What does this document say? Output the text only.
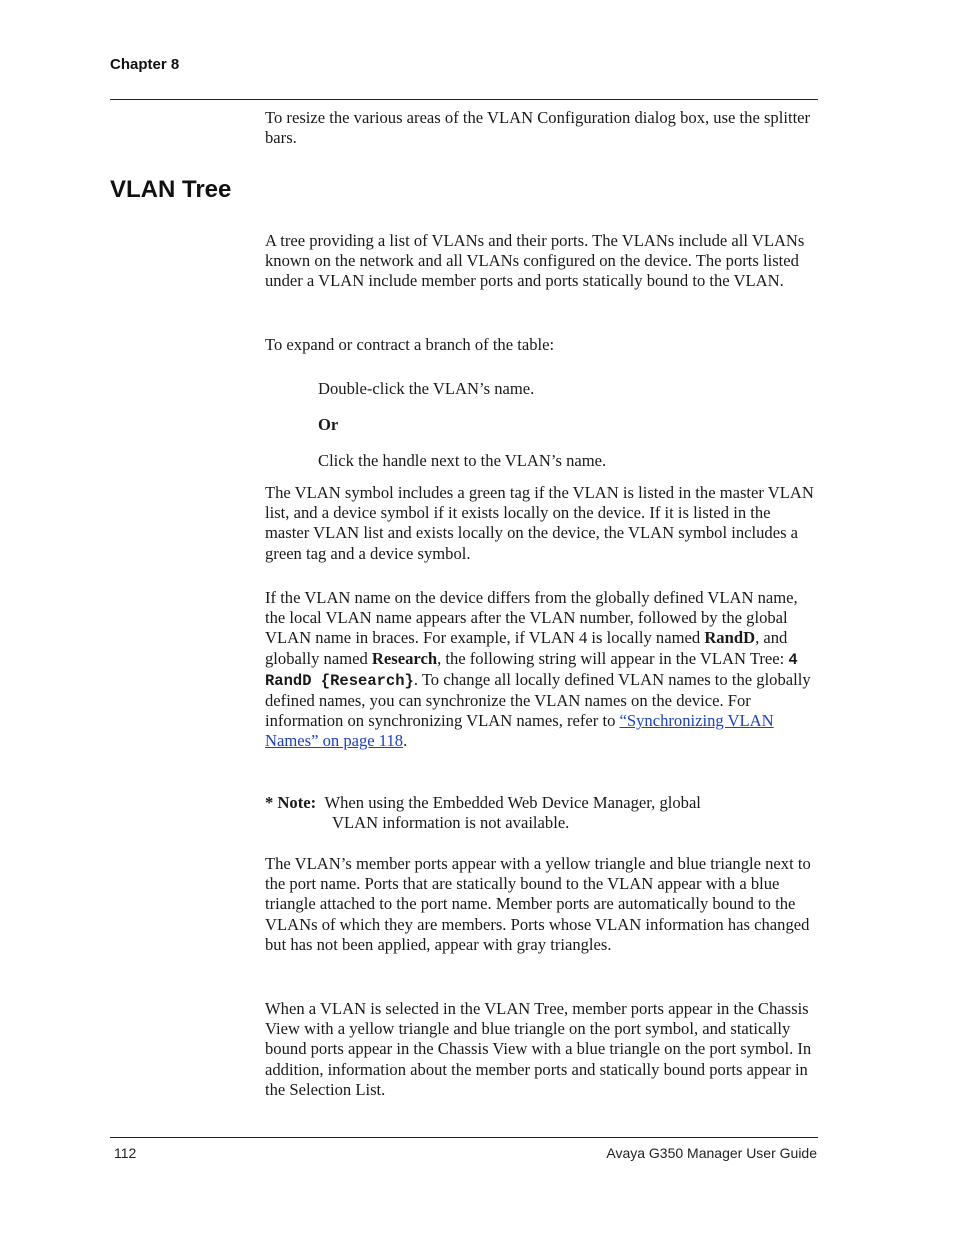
Chapter 8

To resize the various areas of the VLAN Configuration dialog box, use the splitter bars.

VLAN Tree

A tree providing a list of VLANs and their ports. The VLANs include all VLANs known on the network and all VLANs configured on the device. The ports listed under a VLAN include member ports and ports statically bound to the VLAN.

To expand or contract a branch of the table:

Double-click the VLAN’s name.

Or

Click the handle next to the VLAN’s name.

The VLAN symbol includes a green tag if the VLAN is listed in the master VLAN list, and a device symbol if it exists locally on the device. If it is listed in the master VLAN list and exists locally on the device, the VLAN symbol includes a green tag and a device symbol.

If the VLAN name on the device differs from the globally defined VLAN name, the local VLAN name appears after the VLAN number, followed by the global VLAN name in braces. For example, if VLAN 4 is locally named RandD, and globally named Research, the following string will appear in the VLAN Tree: 4 RandD {Research}. To change all locally defined VLAN names to the globally defined names, you can synchronize the VLAN names on the device. For information on synchronizing VLAN names, refer to “Synchronizing VLAN Names” on page 118.

* Note: When using the Embedded Web Device Manager, global
VLAN information is not available.

The VLAN’s member ports appear with a yellow triangle and blue triangle next to the port name. Ports that are statically bound to the VLAN appear with a blue triangle attached to the port name. Member ports are automatically bound to the VLANs of which they are members. Ports whose VLAN information has changed but has not been applied, appear with gray triangles.

When a VLAN is selected in the VLAN Tree, member ports appear in the Chassis View with a yellow triangle and blue triangle on the port symbol, and statically bound ports appear in the Chassis View with a blue triangle on the port symbol. In addition, information about the member ports and statically bound ports appear in the Selection List.

112	Avaya G350 Manager User Guide
